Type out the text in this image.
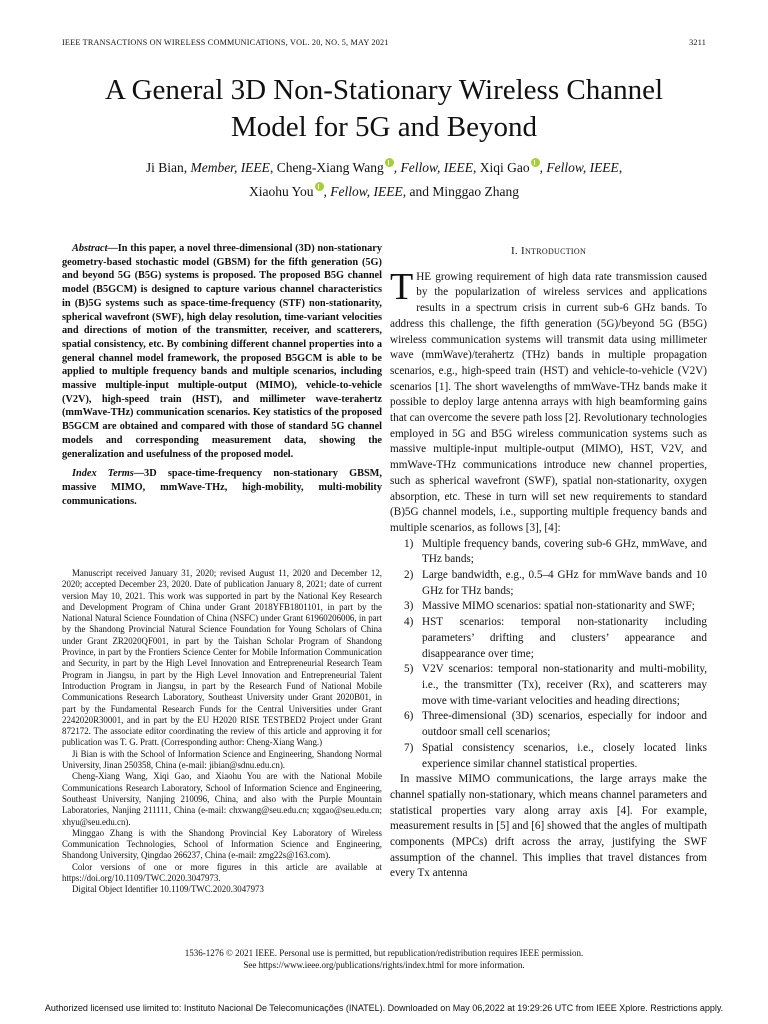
IEEE TRANSACTIONS ON WIRELESS COMMUNICATIONS, VOL. 20, NO. 5, MAY 2021	3211
A General 3D Non-Stationary Wireless Channel
Model for 5G and Beyond
Ji Bian, Member, IEEE, Cheng-Xiang Wang , Fellow, IEEE, Xiqi Gao , Fellow, IEEE,
Xiaohu You , Fellow, IEEE, and Minggao Zhang

Abstract—In this paper, a novel three-dimensional (3D) non-stationary geometry-based stochastic model (GBSM) for the fifth generation (5G) and beyond 5G (B5G) systems is proposed. The proposed B5G channel model (B5GCM) is designed to capture various channel characteristics in (B)5G systems such as space-time-frequency (STF) non-stationarity, spherical wavefront (SWF), high delay resolution, time-variant velocities and directions of motion of the transmitter, receiver, and scatterers, spatial consistency, etc. By combining different channel properties into a general channel model framework, the proposed B5GCM is able to be applied to multiple frequency bands and multiple scenarios, including massive multiple-input multiple-output (MIMO), vehicle-to-vehicle (V2V), high-speed train (HST), and millimeter wave-terahertz (mmWave-THz) communication scenarios. Key statistics of the proposed B5GCM are obtained and compared with those of standard 5G channel models and corresponding measurement data, showing the generalization and usefulness of the proposed model.

Index Terms—3D space-time-frequency non-stationary GBSM, massive MIMO, mmWave-THz, high-mobility, multi-mobility communications.

Manuscript received January 31, 2020; revised August 11, 2020 and December 12, 2020; accepted December 23, 2020. Date of publication January 8, 2021; date of current version May 10, 2021. This work was supported in part by the National Key Research and Development Program of China under Grant 2018YFB1801101, in part by the National Natural Science Foundation of China (NSFC) under Grant 61960206006, in part by the Shandong Provincial Natural Science Foundation for Young Scholars of China under Grant ZR2020QF001, in part by the Taishan Scholar Program of Shandong Province, in part by the Frontiers Science Center for Mobile Information Communication and Security, in part by the High Level Innovation and Entrepreneurial Research Team Program in Jiangsu, in part by the High Level Innovation and Entrepreneurial Talent Introduction Program in Jiangsu, in part by the Research Fund of National Mobile Communications Research Laboratory, Southeast University under Grant 2020B01, in part by the Fundamental Research Funds for the Central Universities under Grant 2242020R30001, and in part by the EU H2020 RISE TESTBED2 Project under Grant 872172. The associate editor coordinating the review of this article and approving it for publication was T. G. Pratt. (Corresponding author: Cheng-Xiang Wang.)

Ji Bian is with the School of Information Science and Engineering, Shandong Normal University, Jinan 250358, China (e-mail: jibian@sdnu.edu.cn).

Cheng-Xiang Wang, Xiqi Gao, and Xiaohu You are with the National Mobile Communications Research Laboratory, School of Information Science and Engineering, Southeast University, Nanjing 210096, China, and also with the Purple Mountain Laboratories, Nanjing 211111, China (e-mail: chxwang@seu.edu.cn; xqgao@seu.edu.cn; xhyu@seu.edu.cn).

Minggao Zhang is with the Shandong Provincial Key Laboratory of Wireless Communication Technologies, School of Information Science and Engineering, Shandong University, Qingdao 266237, China (e-mail: zmg22s@163.com).

Color versions of one or more figures in this article are available at https://doi.org/10.1109/TWC.2020.3047973.

Digital Object Identifier 10.1109/TWC.2020.3047973

I. Introduction

THE growing requirement of high data rate transmission caused by the popularization of wireless services and applications results in a spectrum crisis in current sub-6 GHz bands. To address this challenge, the fifth generation (5G)/beyond 5G (B5G) wireless communication systems will transmit data using millimeter wave (mmWave)/terahertz (THz) bands in multiple propagation scenarios, e.g., high-speed train (HST) and vehicle-to-vehicle (V2V) scenarios [1]. The short wavelengths of mmWave-THz bands make it possible to deploy large antenna arrays with high beamforming gains that can overcome the severe path loss [2]. Revolutionary technologies employed in 5G and B5G wireless communication systems such as massive multiple-input multiple-output (MIMO), HST, V2V, and mmWave-THz communications introduce new channel properties, such as spherical wavefront (SWF), spatial non-stationarity, oxygen absorption, etc. These in turn will set new requirements to standard (B)5G channel models, i.e., supporting multiple frequency bands and multiple scenarios, as follows [3], [4]:

1) Multiple frequency bands, covering sub-6 GHz, mmWave, and THz bands;
2) Large bandwidth, e.g., 0.5–4 GHz for mmWave bands and 10 GHz for THz bands;
3) Massive MIMO scenarios: spatial non-stationarity and SWF;
4) HST scenarios: temporal non-stationarity including parameters’ drifting and clusters’ appearance and disappearance over time;
5) V2V scenarios: temporal non-stationarity and multi-mobility, i.e., the transmitter (Tx), receiver (Rx), and scatterers may move with time-variant velocities and heading directions;
6) Three-dimensional (3D) scenarios, especially for indoor and outdoor small cell scenarios;
7) Spatial consistency scenarios, i.e., closely located links experience similar channel statistical properties.

In massive MIMO communications, the large arrays make the channel spatially non-stationary, which means channel parameters and statistical properties vary along array axis [4]. For example, measurement results in [5] and [6] showed that the angles of multipath components (MPCs) drift across the array, justifying the SWF assumption of the channel. This implies that travel distances from every Tx antenna

1536-1276 © 2021 IEEE. Personal use is permitted, but republication/redistribution requires IEEE permission.
See https://www.ieee.org/publications/rights/index.html for more information.
Authorized licensed use limited to: Instituto Nacional De Telecomunicações (INATEL). Downloaded on May 06,2022 at 19:29:26 UTC from IEEE Xplore. Restrictions apply.
